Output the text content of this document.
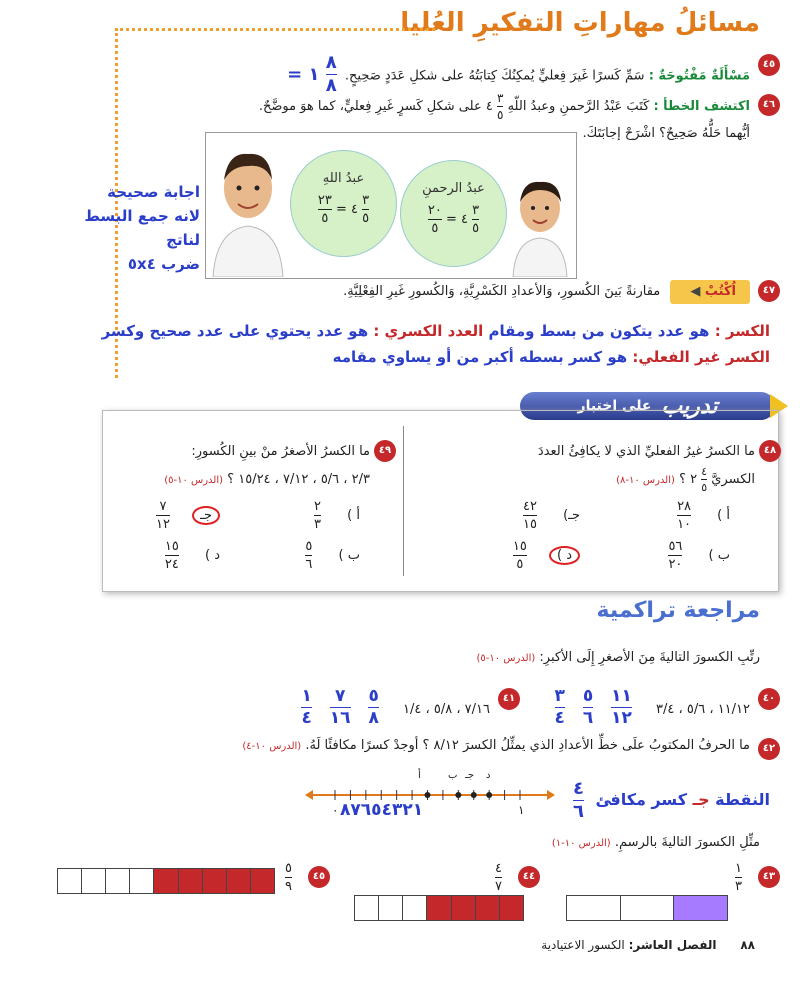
مسائلُ مهاراتِ التفكيرِ العُليا
٤٥
مَسْأَلَةٌ مَفْتُوحَةٌ : سَمِّ كَسرًا غَيرَ فِعليٍّ يُمكِنُكَ كِتابَتُهُ على شكلِ عَدَدٍ صَحِيحٍ.
$\frac{٨}{٨}$
١ =
٤٦
اكتشف الخطأ : كَتَبَ عَبْدُ الرَّحمنِ وعبدُ اللّهِ
$\frac{٣}{٥}$
٤ على شكلِ كَسرٍ غَيرِ فِعليٍّ، كما هوَ موضَّحٌ.
أيُّهما حَلُّهُ صَحِيحٌ؟ اشْرَحْ إجابَتَكَ.
عبدُ الرحمنِ
$\frac{٢٠}{٥}$ = ٤ $\frac{٣}{٥}$
عبدُ اللهِ
$\frac{٢٣}{٥}$ = ٤ $\frac{٣}{٥}$
اجابة صحيحة
لانه جمع البسط لناتج
ضرب ٥x٤
٤٧
اُكْتُبْ ◀ مقارنةً بَينَ الكُسورِ، وَالأعدادِ الكَسْرِيَّةِ، وَالكُسورِ غَيرِ الفِعْلِيَّةِ.
الكسر : هو عدد يتكون من بسط ومقام العدد الكسري : هو عدد يحتوي على عدد صحيح وكسر
الكسر غير الفعلي: هو كسر بسطه أكبر من أو يساوي مقامه
تدريب
على اختبار
٤٨
ما الكسرُ غيرُ الفعليِّ الذي لا يكافِئُ العددَ
الكسريَّ
$\frac{٤}{٥}$
٢ ؟ (الدرس ١٠-٨)
أ )
$\frac{٢٨}{١٠}$
جـ)
$\frac{٤٢}{١٥}$
ب )
$\frac{٥٦}{٢٠}$
د )
$\frac{١٥}{٥}$
٤٩
ما الكسرُ الأصغرُ منْ بينِ الكُسورِ:
٢/٣ ، ٥/٦ ، ٧/١٢ ، ١٥/٢٤ ؟ (الدرس ١٠-٥)
أ )
$\frac{٢}{٣}$
جـ
$\frac{٧}{١٢}$
ب )
$\frac{٥}{٦}$
د )
$\frac{١٥}{٢٤}$
مراجعة تراكمية
رتِّبِ الكسورَ التاليةَ مِنَ الأصغرِ إِلَى الأكبرِ: (الدرس ١٠-٥)
٤٠
١١/١٢ ، ٥/٦ ، ٣/٤
$\frac{١١}{١٢}$

$\frac{٥}{٦}$

$\frac{٣}{٤}$
٤١
٧/١٦ ، ٥/٨ ، ١/٤
$\frac{٥}{٨}$

$\frac{٧}{١٦}$

$\frac{١}{٤}$
٤٢
ما الحرفُ المكتوبُ علَى خطِّ الأعدادِ الذي يمثِّلُ الكسرَ ٨/١٢ ؟ أوجدْ كسرًا مكافئًا لَهُ. (الدرس ١٠-٤)
أ	ب جـ د
١
٠ ٨٧٦٥٤٣٢١
النقطة جـ كسر مكافئ
$\frac{٤}{٦}$
مثِّلِ الكسورَ التاليةَ بالرسمِ. (الدرس ١٠-١)
٤٣
$\frac{١}{٣}$
٤٤
$\frac{٤}{٧}$
٤٥
$\frac{٥}{٩}$
٨٨ الفصل العاشر: الكسور الاعتيادية
